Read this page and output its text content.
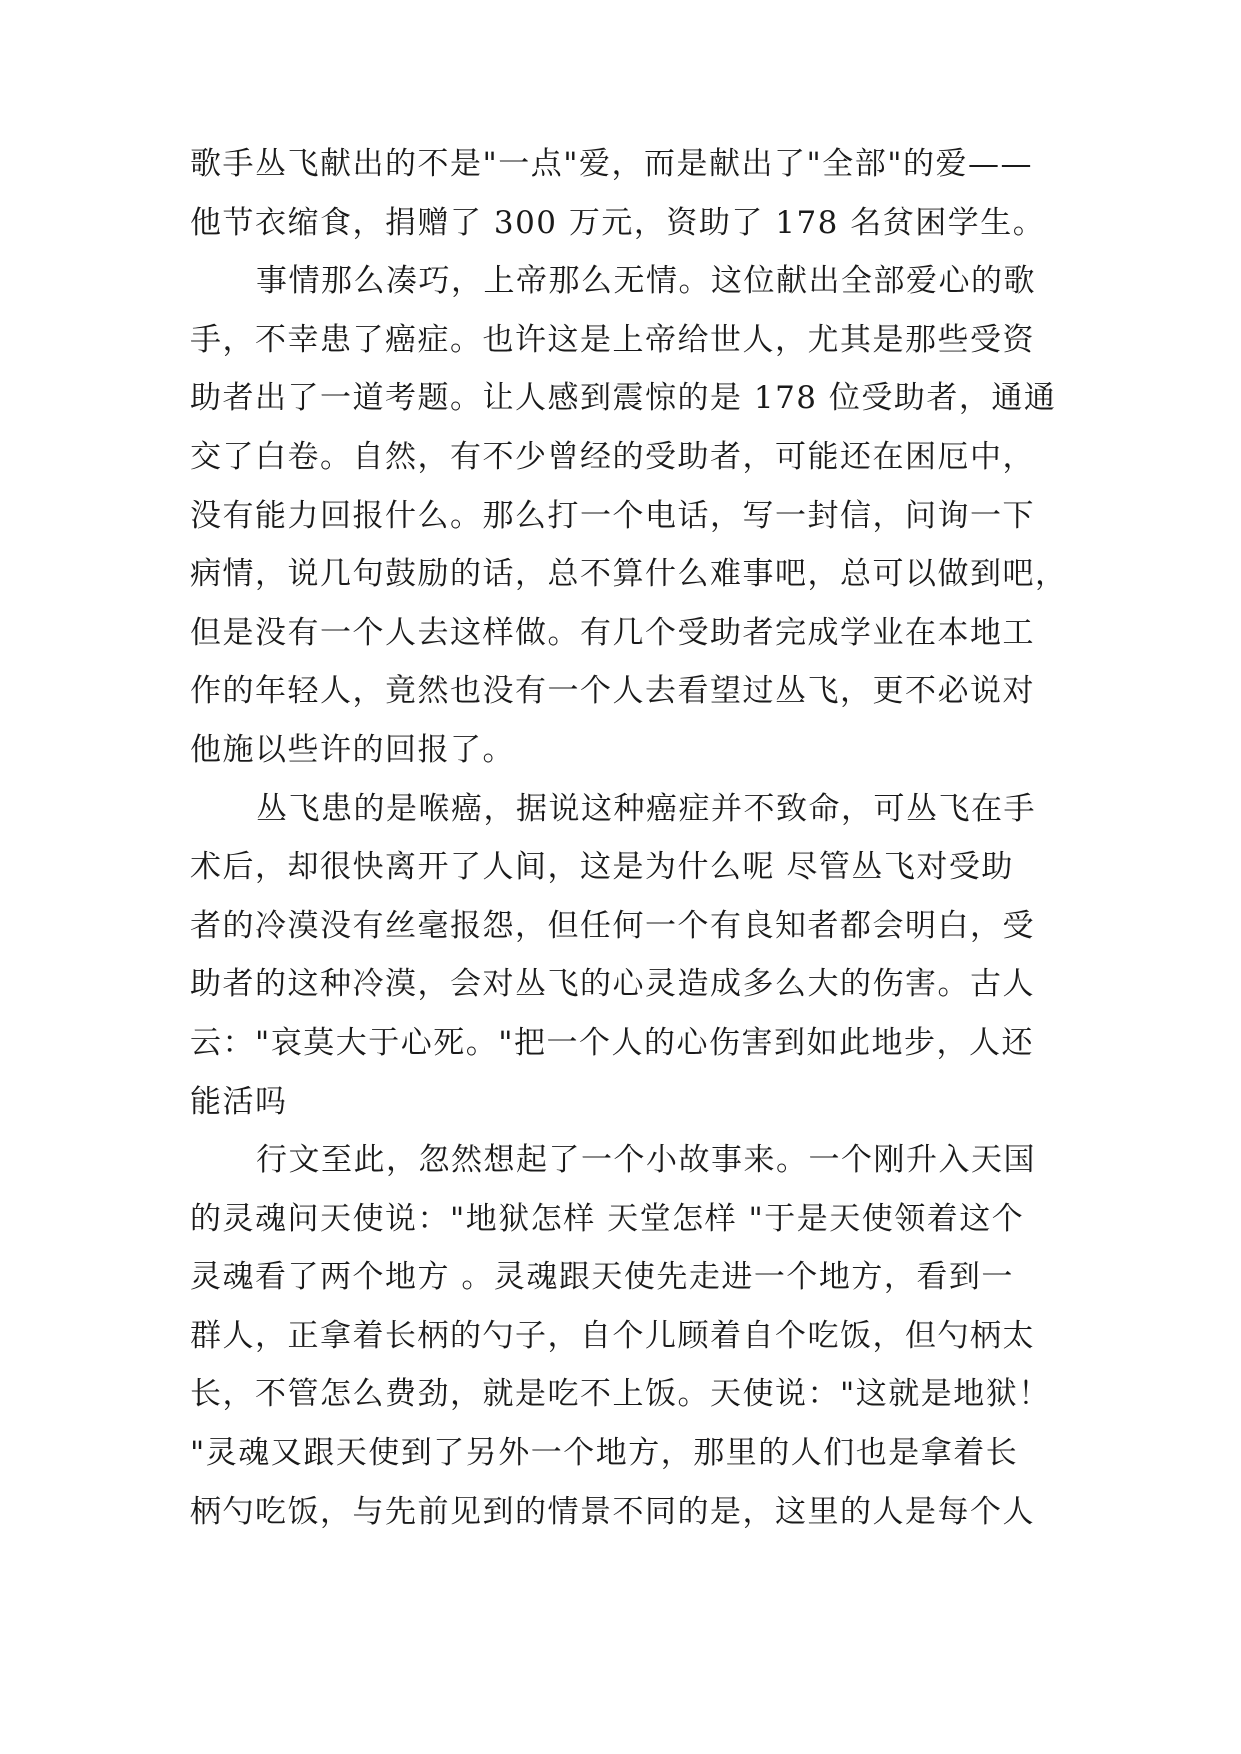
歌手丛飞献出的不是"一点"爱，而是献出了"全部"的爱——
他节衣缩食，捐赠了 300 万元，资助了 178 名贫困学生。
事情那么凑巧，上帝那么无情。这位献出全部爱心的歌
手，不幸患了癌症。也许这是上帝给世人，尤其是那些受资
助者出了一道考题。让人感到震惊的是 178 位受助者，通通
交了白卷。自然，有不少曾经的受助者，可能还在困厄中，
没有能力回报什么。那么打一个电话，写一封信，问询一下
病情，说几句鼓励的话，总不算什么难事吧，总可以做到吧，
但是没有一个人去这样做。有几个受助者完成学业在本地工
作的年轻人，竟然也没有一个人去看望过丛飞，更不必说对
他施以些许的回报了。
丛飞患的是喉癌，据说这种癌症并不致命，可丛飞在手
术后，却很快离开了人间，这是为什么呢 尽管丛飞对受助
者的冷漠没有丝毫报怨，但任何一个有良知者都会明白，受
助者的这种冷漠，会对丛飞的心灵造成多么大的伤害。古人
云："哀莫大于心死。"把一个人的心伤害到如此地步，人还
能活吗
行文至此，忽然想起了一个小故事来。一个刚升入天国
的灵魂问天使说："地狱怎样 天堂怎样 "于是天使领着这个
灵魂看了两个地方 。灵魂跟天使先走进一个地方，看到一
群人，正拿着长柄的勺子，自个儿顾着自个吃饭，但勺柄太
长，不管怎么费劲，就是吃不上饭。天使说："这就是地狱！
"灵魂又跟天使到了另外一个地方，那里的人们也是拿着长
柄勺吃饭，与先前见到的情景不同的是，这里的人是每个人
